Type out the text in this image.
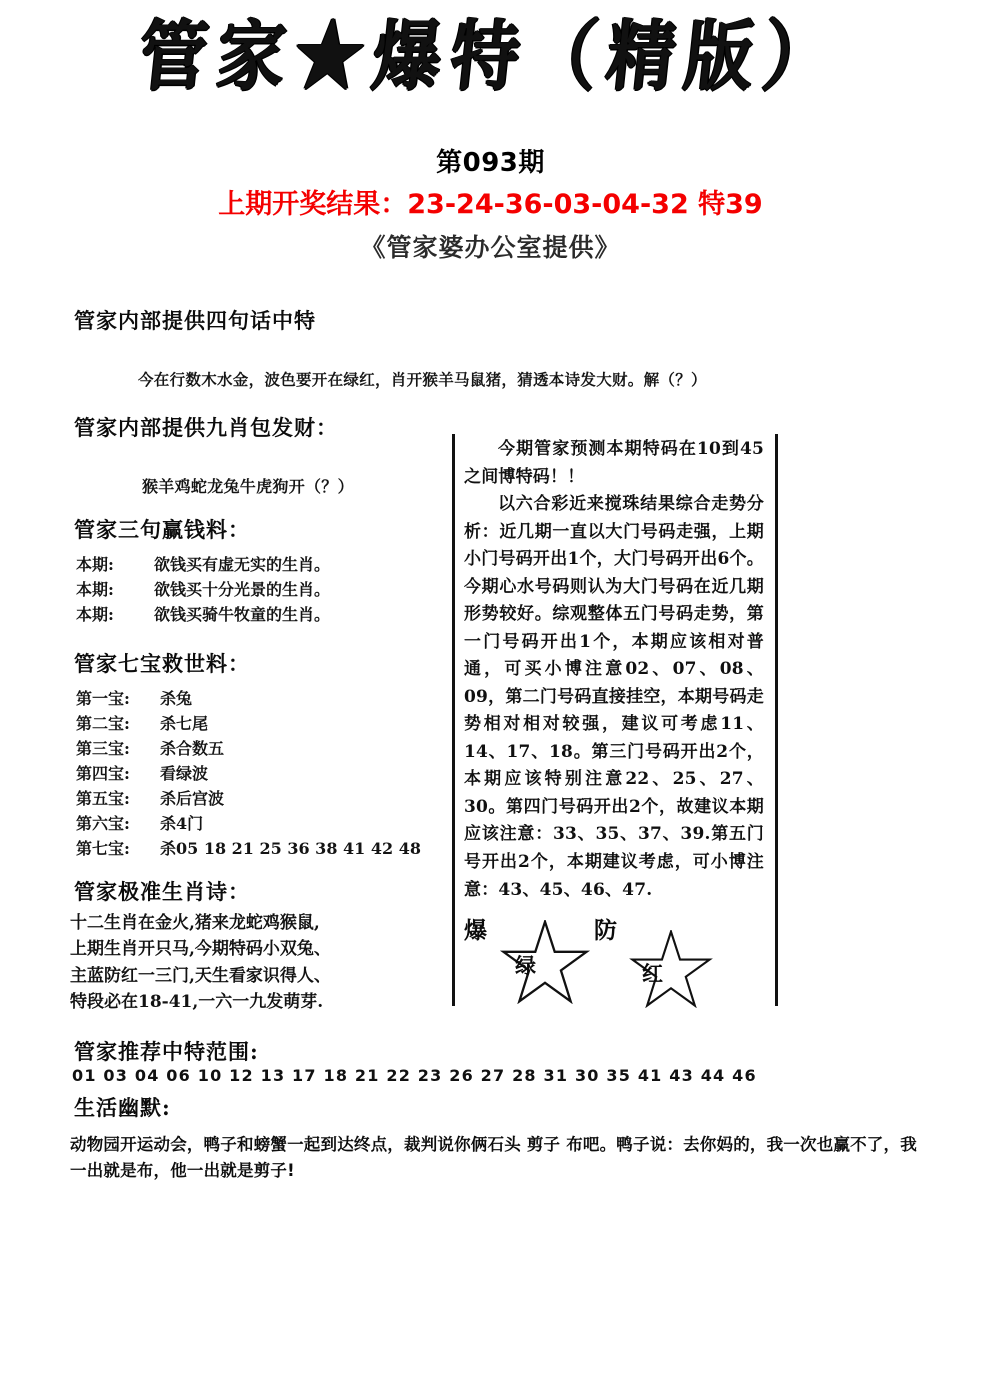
管家★爆特（精版）
第093期
上期开奖结果：23-24-36-03-04-32 特39
《管家婆办公室提供》
管家内部提供四句话中特
今在行数木水金，波色要开在绿红，肖开猴羊马鼠猪，猜透本诗发大财。解（？）
管家内部提供九肖包发财：
猴羊鸡蛇龙兔牛虎狗开（？）
管家三句赢钱料：
本期:	欲钱买有虚无实的生肖。
本期:	欲钱买十分光景的生肖。
本期:	欲钱买骑牛牧童的生肖。
管家七宝救世料：
第一宝:	杀兔
第二宝:	杀七尾
第三宝:	杀合数五
第四宝:	看绿波
第五宝:	杀后宫波
第六宝:	杀4门
第七宝:	杀05 18 21 25 36 38 41 42 48
管家极准生肖诗：
十二生肖在金火,猪来龙蛇鸡猴鼠,
上期生肖开只马,今期特码小双兔、
主蓝防红一三门,天生看家识得人、
特段必在18-41,一六一九发萌芽.
管家推荐中特范围:
01 03 04 06 10 12 13 17 18 21 22 23 26 27 28 31 30 35 41 43 44 46
生活幽默:
动物园开运动会，鸭子和螃蟹一起到达终点，裁判说你俩石头 剪子 布吧。鸭子说：去你妈的，我一次也赢不了，我一出就是布，他一出就是剪子!
今期管家预测本期特码在10到45之间博特码！！
以六合彩近来搅珠结果综合走势分析：近几期一直以大门号码走强，上期小门号码开出1个，大门号码开出6个。今期心水号码则认为大门号码在近几期形势较好。综观整体五门号码走势，第一门号码开出1个，本期应该相对普通，可买小博注意02、07、08、09，第二门号码直接挂空，本期号码走势相对相对较强，建议可考虑11、14、17、18。第三门号码开出2个，本期应该特别注意22、25、27、30。第四门号码开出2个，故建议本期应该注意：33、35、37、39.第五门号开出2个，本期建议考虑，可小博注意：43、45、46、47.
爆
绿
防
红
